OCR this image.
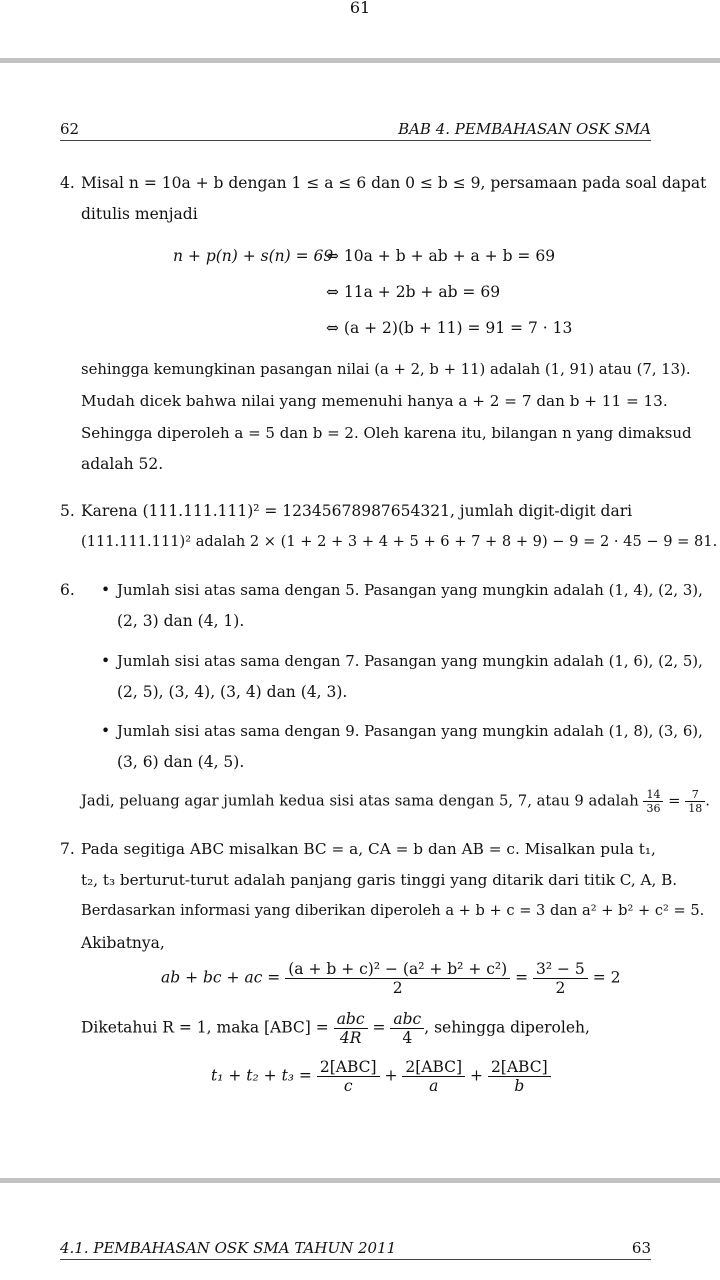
61
62	BAB 4. PEMBAHASAN OSK SMA
4. Misal n = 10a + b dengan 1 ≤ a ≤ 6 dan 0 ≤ b ≤ 9, persamaan pada soal dapat
ditulis menjadi
n + p(n) + s(n) = 69
⇔ 10a + b + ab + a + b = 69
⇔ 11a + 2b + ab = 69
⇔ (a + 2)(b + 11) = 91 = 7 · 13
sehingga kemungkinan pasangan nilai (a + 2, b + 11) adalah (1, 91) atau (7, 13).
Mudah dicek bahwa nilai yang memenuhi hanya a + 2 = 7 dan b + 11 = 13.
Sehingga diperoleh a = 5 dan b = 2. Oleh karena itu, bilangan n yang dimaksud
adalah 52.
5. Karena (111.111.111)² = 12345678987654321, jumlah digit-digit dari
(111.111.111)² adalah 2 × (1 + 2 + 3 + 4 + 5 + 6 + 7 + 8 + 9) − 9 = 2 · 45 − 9 = 81.
6. • Jumlah sisi atas sama dengan 5. Pasangan yang mungkin adalah (1, 4), (2, 3),
(2, 3) dan (4, 1).
• Jumlah sisi atas sama dengan 7. Pasangan yang mungkin adalah (1, 6), (2, 5),
(2, 5), (3, 4), (3, 4) dan (4, 3).
• Jumlah sisi atas sama dengan 9. Pasangan yang mungkin adalah (1, 8), (3, 6),
(3, 6) dan (4, 5).
Jadi, peluang agar jumlah kedua sisi atas sama dengan 5, 7, atau 9 adalah $\frac{14}{36} = \frac{7}{18}$ .
7. Pada segitiga ABC misalkan BC = a, CA = b dan AB = c. Misalkan pula t₁,
t₂, t₃ berturut-turut adalah panjang garis tinggi yang ditarik dari titik C, A, B.
Berdasarkan informasi yang diberikan diperoleh a + b + c = 3 dan a² + b² + c² = 5.
Akibatnya,
ab + bc + ac = $\frac{\text{(a + b + c)² − (a² + b² + c²)}}{2} = \frac{\text{3² − 5}}{2} = 2$
Diketahui R = 1, maka $[ABC] = \frac{\text{abc}}{4R} = \frac{\text{abc}}{4}$ , sehingga diperoleh,
$t_1 + t_2 + t_3 = \frac{\text{2[ABC]}}{c} + \frac{\text{2[ABC]}}{a} + \frac{\text{2[ABC]}}{b}$
4.1. PEMBAHASAN OSK SMA TAHUN 2011	63
